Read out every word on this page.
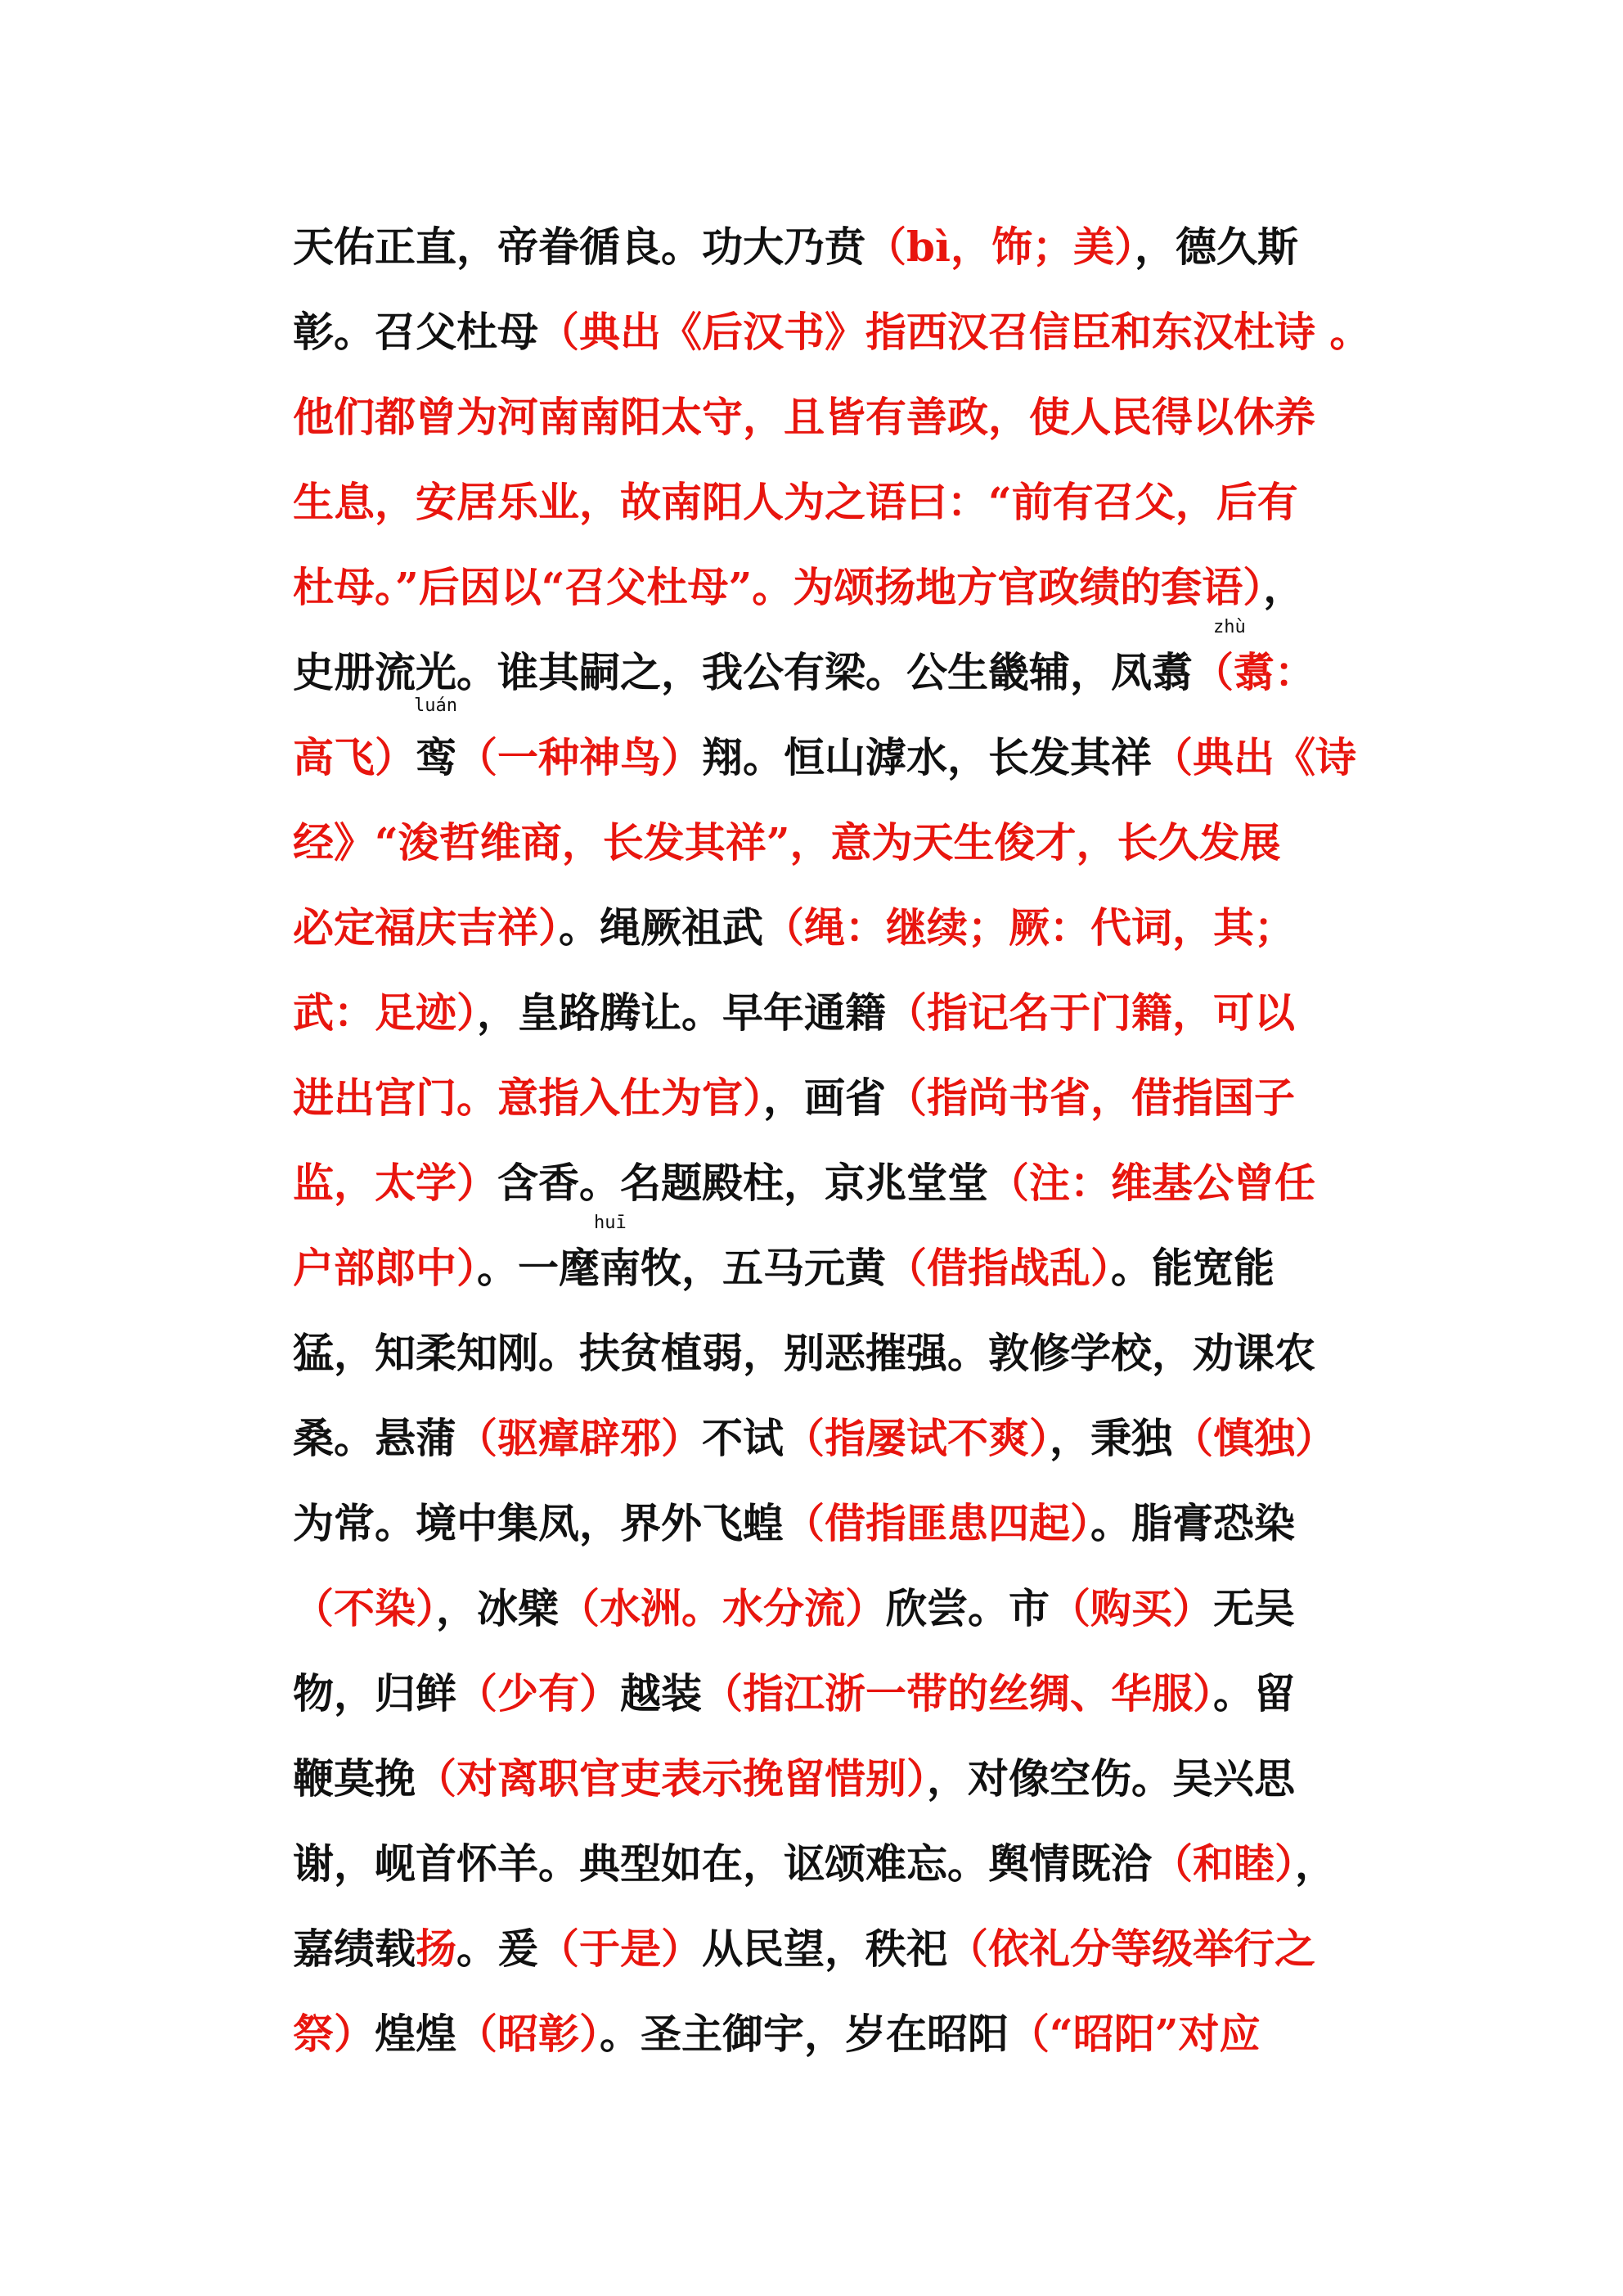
天佑正直，帝眷循良。功大乃贲（bì，饰；美），德久斯
彰。召父杜母（典出《后汉书》指西汉召信臣和东汉杜诗 。
他们都曾为河南南阳太守，且皆有善政，使人民得以休养
生息，安居乐业，故南阳人为之语曰：“前有召父，后有
杜母。”后因以“召父杜母”。为颂扬地方官政绩的套语），
史册流光。谁其嗣之，我公有梁。公生畿辅，凤翥（翥：
zhù
高飞）鸾（一种神鸟）翔。恒山滹水，长发其祥（典出《诗
luán
经》“浚哲维商，长发其祥”，意为天生俊才，长久发展
必定福庆吉祥）。绳厥祖武（绳：继续；厥：代词，其；
武：足迹），皇路腾让。早年通籍（指记名于门籍，可以
进出宫门。意指入仕为官），画省（指尚书省，借指国子
监，太学）含香。名题殿柱，京兆堂堂（注：维基公曾任
户部郎中）。一麾南牧，五马元黄（借指战乱）。能宽能
huī
猛，知柔知刚。扶贫植弱，别恶摧强。敦修学校，劝课农
桑。悬蒲（驱瘴辟邪）不试（指屡试不爽），秉独（慎独）
为常。境中集凤，界外飞蝗（借指匪患四起）。脂膏恐染
（不染），冰檗（水洲。水分流）欣尝。市（购买）无吴
物，归鲜（少有）越装（指江浙一带的丝绸、华服）。留
鞭莫挽（对离职官吏表示挽留惜别），对像空伤。吴兴思
谢，岘首怀羊。典型如在，讴颂难忘。舆情既洽（和睦），
嘉绩载扬。爰（于是）从民望，秩祀（依礼分等级举行之
祭）煌煌（昭彰）。圣主御宇，岁在昭阳（“昭阳”对应
